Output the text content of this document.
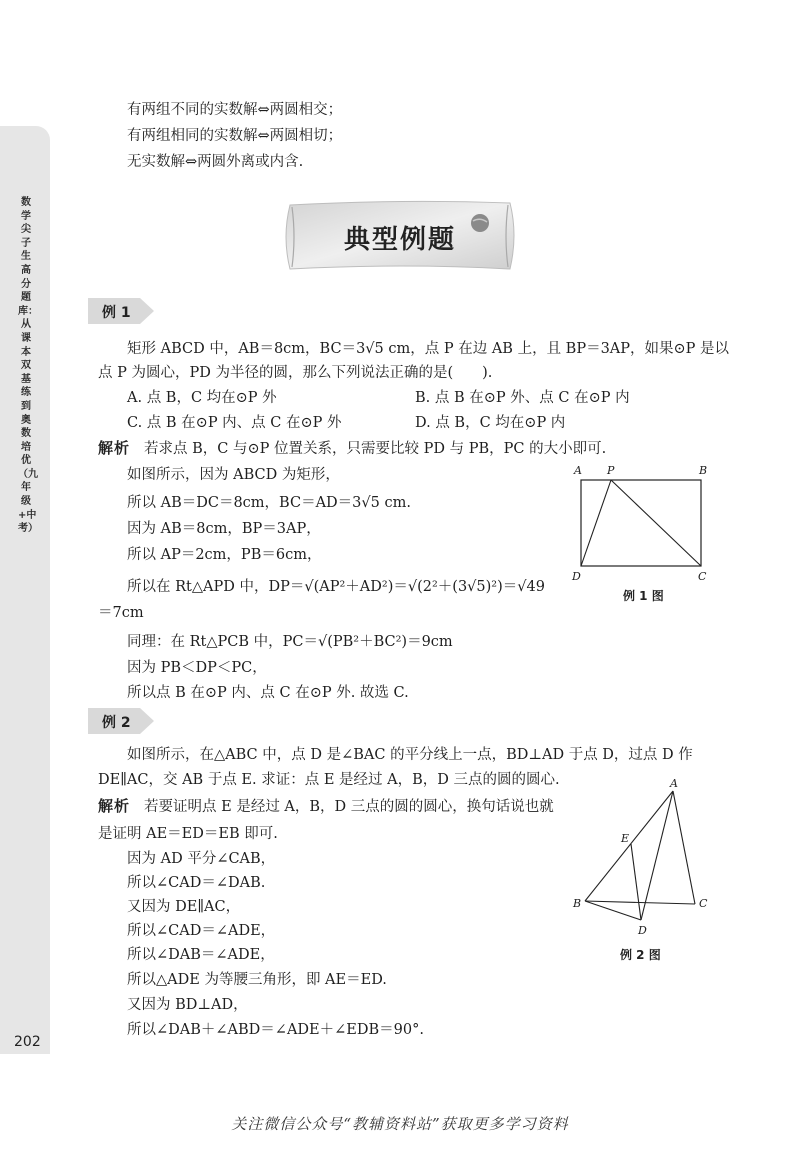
数学尖子生高分题库：从课本双基练到奥数培优（九年级+中考）
202
有两组不同的实数解⇔两圆相交；
有两组相同的实数解⇔两圆相切；
无实数解⇔两圆外离或内含.
典型例题
例 1
矩形 ABCD 中，AB＝8cm，BC＝3√5 cm，点 P 在边 AB 上，且 BP＝3AP，如果⊙P 是以
点 P 为圆心，PD 为半径的圆，那么下列说法正确的是(　　).
A. 点 B，C 均在⊙P 外	B. 点 B 在⊙P 外、点 C 在⊙P 内
C. 点 B 在⊙P 内、点 C 在⊙P 外	D. 点 B，C 均在⊙P 内
解析 若求点 B，C 与⊙P 位置关系，只需要比较 PD 与 PB，PC 的大小即可.
如图所示，因为 ABCD 为矩形，
所以 AB＝DC＝8cm，BC＝AD＝3√5 cm.
因为 AB＝8cm，BP＝3AP，
所以 AP＝2cm，PB＝6cm，
所以在 Rt△APD 中，DP＝√(AP²＋AD²)＝√(2²＋(3√5)²)＝√49
＝7cm
同理：在 Rt△PCB 中，PC＝√(PB²＋BC²)＝9cm
因为 PB＜DP＜PC，
所以点 B 在⊙P 内、点 C 在⊙P 外. 故选 C.
A P	B
D	C
例 1 图
例 2
如图所示，在△ABC 中，点 D 是∠BAC 的平分线上一点，BD⊥AD 于点 D，过点 D 作
DE∥AC，交 AB 于点 E. 求证：点 E 是经过 A，B，D 三点的圆的圆心.
解析 若要证明点 E 是经过 A，B，D 三点的圆的圆心，换句话说也就
是证明 AE＝ED＝EB 即可.
因为 AD 平分∠CAB，
所以∠CAD＝∠DAB.
又因为 DE∥AC，
所以∠CAD＝∠ADE，
所以∠DAB＝∠ADE，
所以△ADE 为等腰三角形，即 AE＝ED.
又因为 BD⊥AD，
所以∠DAB＋∠ABD＝∠ADE＋∠EDB＝90°.
A
E
B
D
C
例 2 图
关注微信公众号“教辅资料站”获取更多学习资料
